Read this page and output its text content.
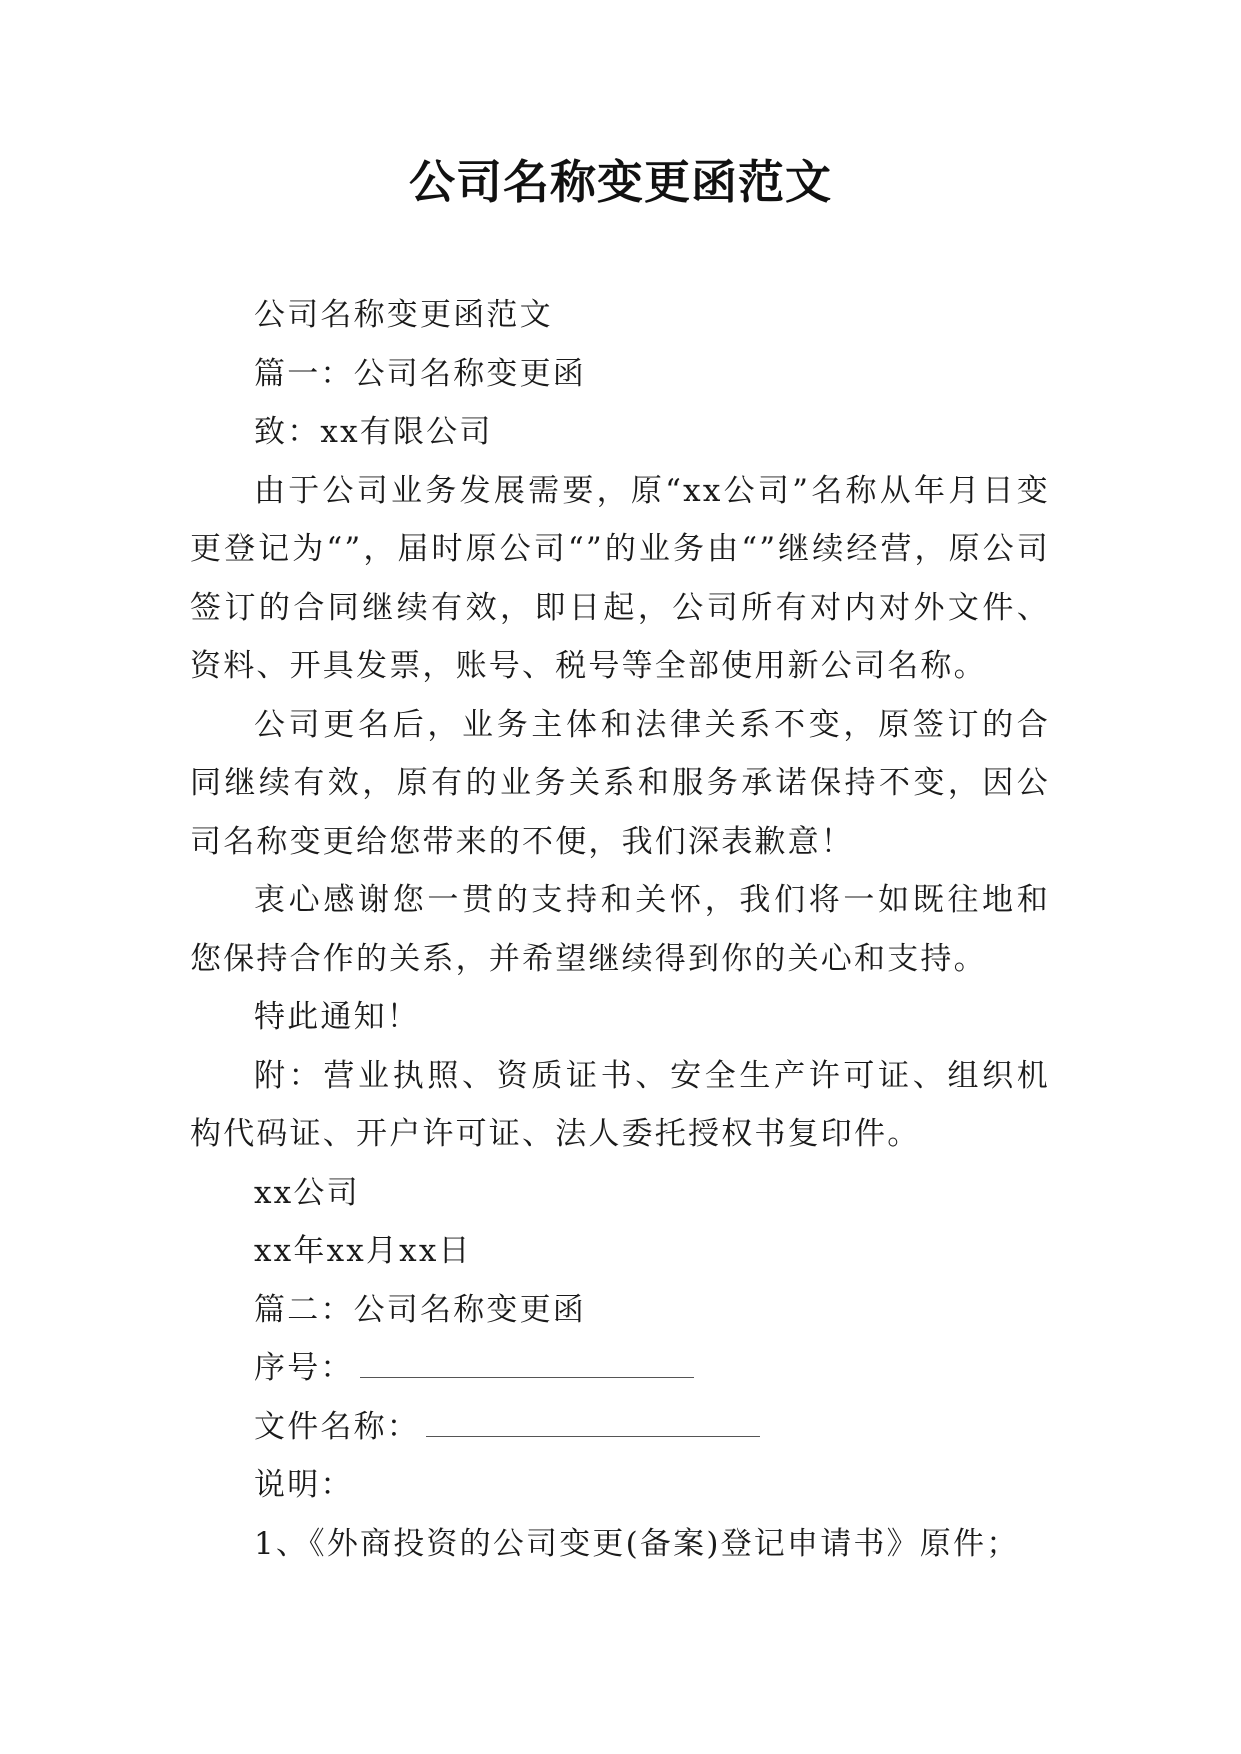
公司名称变更函范文

公司名称变更函范文

篇一：公司名称变更函

致：xx有限公司

由于公司业务发展需要，原“xx公司”名称从年月日变更登记为“”，届时原公司“”的业务由“”继续经营，原公司签订的合同继续有效，即日起，公司所有对内对外文件、资料、开具发票，账号、税号等全部使用新公司名称。

公司更名后，业务主体和法律关系不变，原签订的合同继续有效，原有的业务关系和服务承诺保持不变，因公司名称变更给您带来的不便，我们深表歉意！

衷心感谢您一贯的支持和关怀，我们将一如既往地和您保持合作的关系，并希望继续得到你的关心和支持。

特此通知！

附：营业执照、资质证书、安全生产许可证、组织机构代码证、开户许可证、法人委托授权书复印件。

xx公司

xx年xx月xx日

篇二：公司名称变更函

序号：

文件名称：

说明：

1、《外商投资的公司变更(备案)登记申请书》原件；
